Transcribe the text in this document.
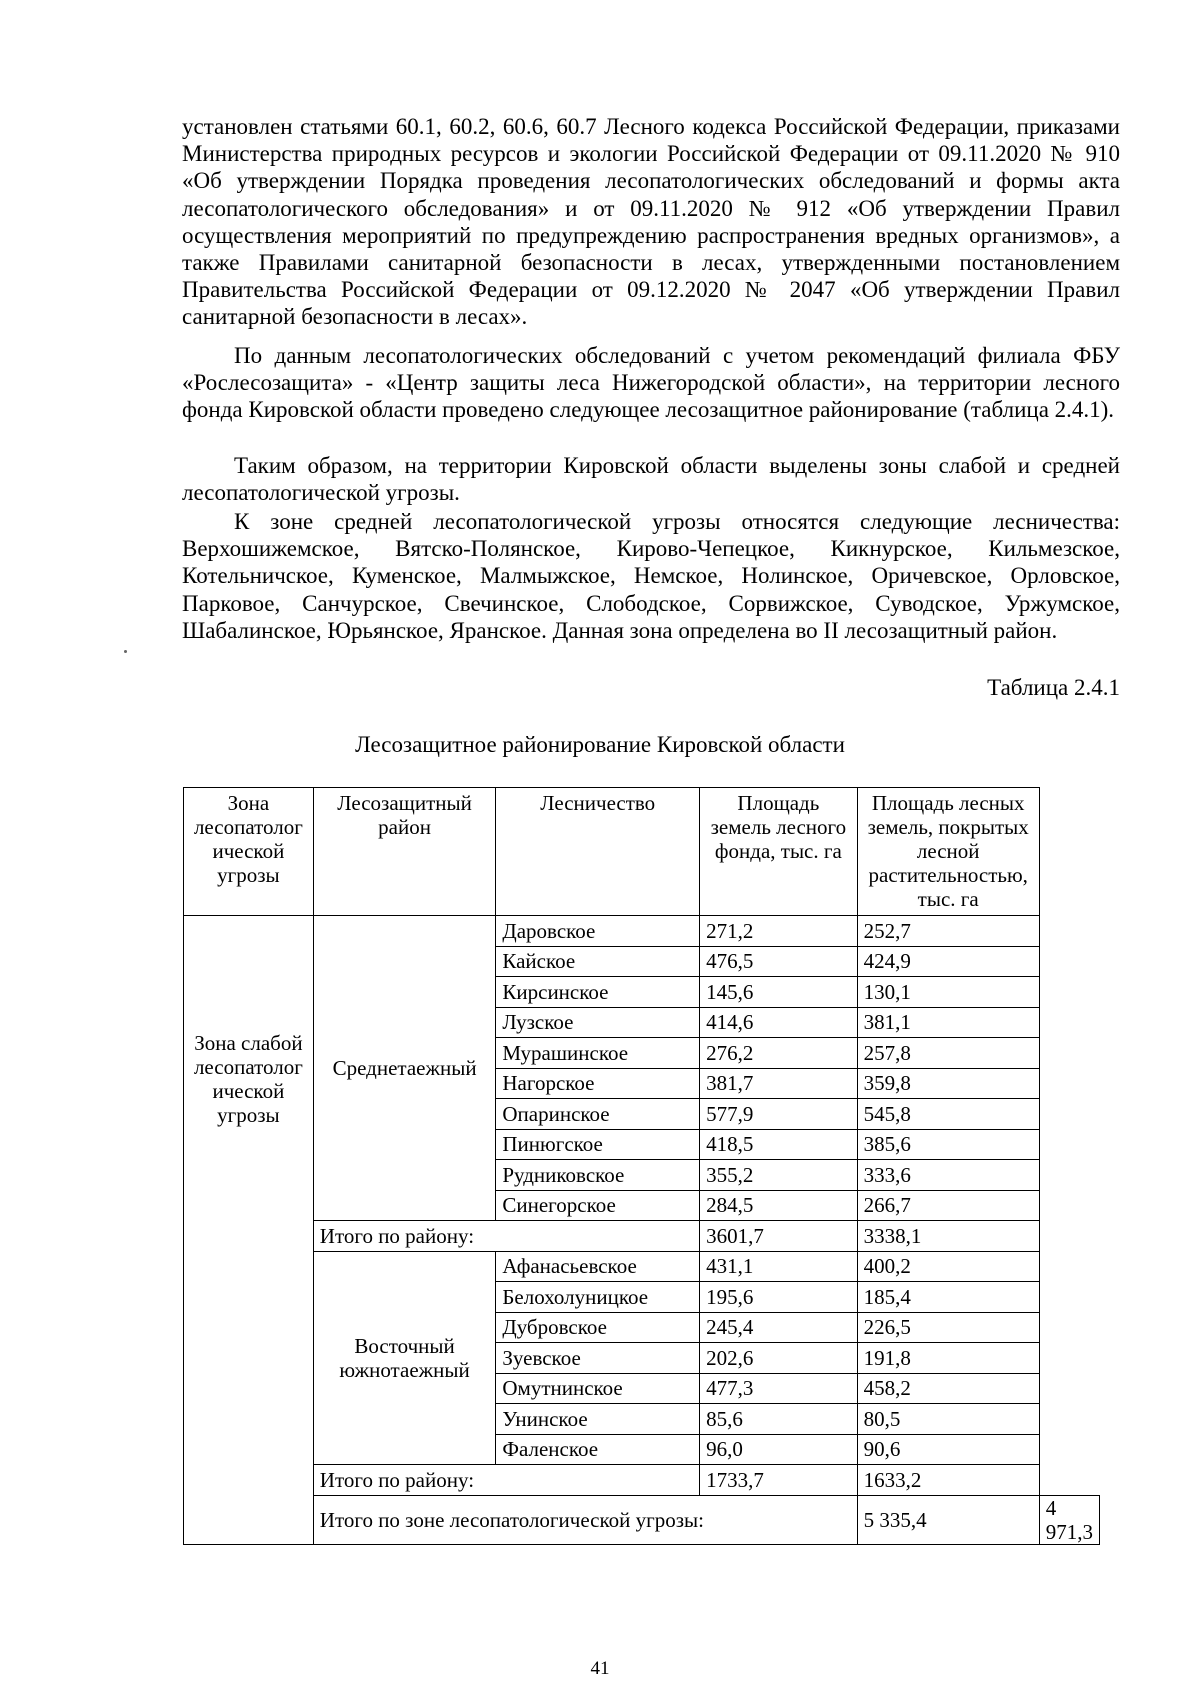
установлен статьями 60.1, 60.2, 60.6, 60.7 Лесного кодекса Российской Федерации, приказами Министерства природных ресурсов и экологии Российской Федерации от 09.11.2020 № 910 «Об утверждении Порядка проведения лесопатологических обследований и формы акта лесопатологического обследования» и от 09.11.2020 № 912 «Об утверждении Правил осуществления мероприятий по предупреждению распространения вредных организмов», а также Правилами санитарной безопасности в лесах, утвержденными постановлением Правительства Российской Федерации от 09.12.2020 № 2047 «Об утверждении Правил санитарной безопасности в лесах».

По данным лесопатологических обследований с учетом рекомендаций филиала ФБУ «Рослесозащита» - «Центр защиты леса Нижегородской области», на территории лесного фонда Кировской области проведено следующее лесозащитное районирование (таблица 2.4.1).

Таким образом, на территории Кировской области выделены зоны слабой и средней лесопатологической угрозы.

К зоне средней лесопатологической угрозы относятся следующие лесничества: Верхошижемское, Вятско-Полянское, Кирово-Чепецкое, Кикнурское, Кильмезское, Котельничское, Куменское, Малмыжское, Немское, Нолинское, Оричевское, Орловское, Парковое, Санчурское, Свечинское, Слободское, Сорвижское, Суводское, Уржумское, Шабалинское, Юрьянское, Яранское. Данная зона определена во II лесозащитный район.

Таблица 2.4.1
Лесозащитное районирование Кировской области
Зона лесопатолог ической угрозы	Лесозащитный район	Лесничество	Площадь земель лесного фонда, тыс. га	Площадь лесных земель, покрытых лесной растительностью, тыс. га	
Зона слабой лесопатолог ической угрозы	Среднетаежный	Даровское	271,2	252,7	
		Кайское	476,5	424,9	
		Кирсинское	145,6	130,1	
		Лузское	414,6	381,1	
		Мурашинское	276,2	257,8	
		Нагорское	381,7	359,8	
		Опаринское	577,9	545,8	
		Пинюгское	418,5	385,6	
		Рудниковское	355,2	333,6	
		Синегорское	284,5	266,7	
	Итого по району:		3601,7	3338,1	
	Восточный южнотаежный	Афанасьевское	431,1	400,2	
		Белохолуницкое	195,6	185,4	
		Дубровское	245,4	226,5	
		Зуевское	202,6	191,8	
		Омутнинское	477,3	458,2	
		Унинское	85,6	80,5	
		Фаленское	96,0	90,6	
	Итого по району:		1733,7	1633,2	
	Итого по зоне лесопатологической угрозы:			5 335,4	4 971,3
41
